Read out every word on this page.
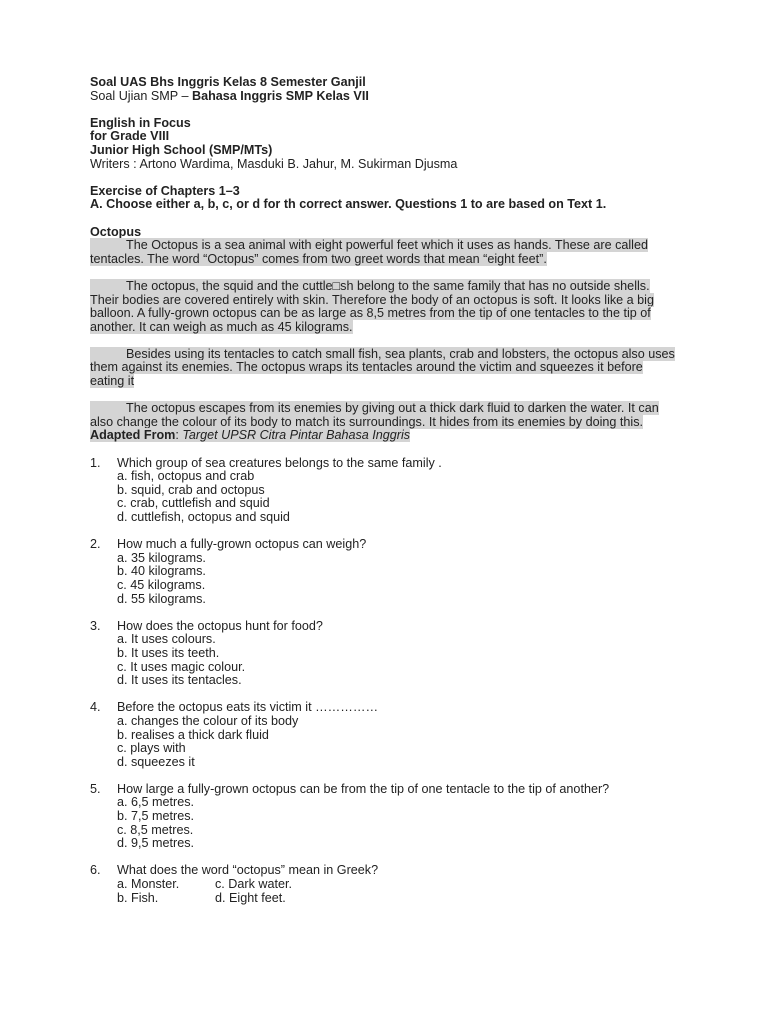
Soal UAS Bhs Inggris Kelas 8 Semester Ganjil
Soal Ujian SMP – Bahasa Inggris SMP Kelas VII
English in Focus
for Grade VIII
Junior High School (SMP/MTs)
Writers : Artono Wardima, Masduki B. Jahur, M. Sukirman Djusma
Exercise of Chapters 1–3
A. Choose either a, b, c, or d for th correct answer. Questions 1 to are based on Text 1.
Octopus
The Octopus is a sea animal with eight powerful feet which it uses as hands. These are called tentacles. The word “Octopus” comes from two greet words that mean “eight feet”.
The octopus, the squid and the cuttle□sh belong to the same family that has no outside shells. Their bodies are covered entirely with skin. Therefore the body of an octopus is soft. It looks like a big balloon. A fully-grown octopus can be as large as 8,5 metres from the tip of one tentacles to the tip of another. It can weigh as much as 45 kilograms.
Besides using its tentacles to catch small fish, sea plants, crab and lobsters, the octopus also uses them against its enemies. The octopus wraps its tentacles around the victim and squeezes it before eating it
The octopus escapes from its enemies by giving out a thick dark fluid to darken the water. It can also change the colour of its body to match its surroundings. It hides from its enemies by doing this.
Adapted From: Target UPSR Citra Pintar Bahasa Inggris
1.	Which group of sea creatures belongs to the same family .
a. fish, octopus and crab
b. squid, crab and octopus
c. crab, cuttlefish and squid
d. cuttlefish, octopus and squid
2.	How much a fully-grown octopus can weigh?
a. 35 kilograms.
b. 40 kilograms.
c. 45 kilograms.
d. 55 kilograms.
3.	How does the octopus hunt for food?
a. It uses colours.
b. It uses its teeth.
c. It uses magic colour.
d. It uses its tentacles.
4.	Before the octopus eats its victim it ……………
a. changes the colour of its body
b. realises a thick dark fluid
c. plays with
d. squeezes it
5.	How large a fully-grown octopus can be from the tip of one tentacle to the tip of another?
a. 6,5 metres.
b. 7,5 metres.
c. 8,5 metres.
d. 9,5 metres.
6.	What does the word “octopus” mean in Greek?
a. Monster.	c. Dark water.
b. Fish.	d. Eight feet.
